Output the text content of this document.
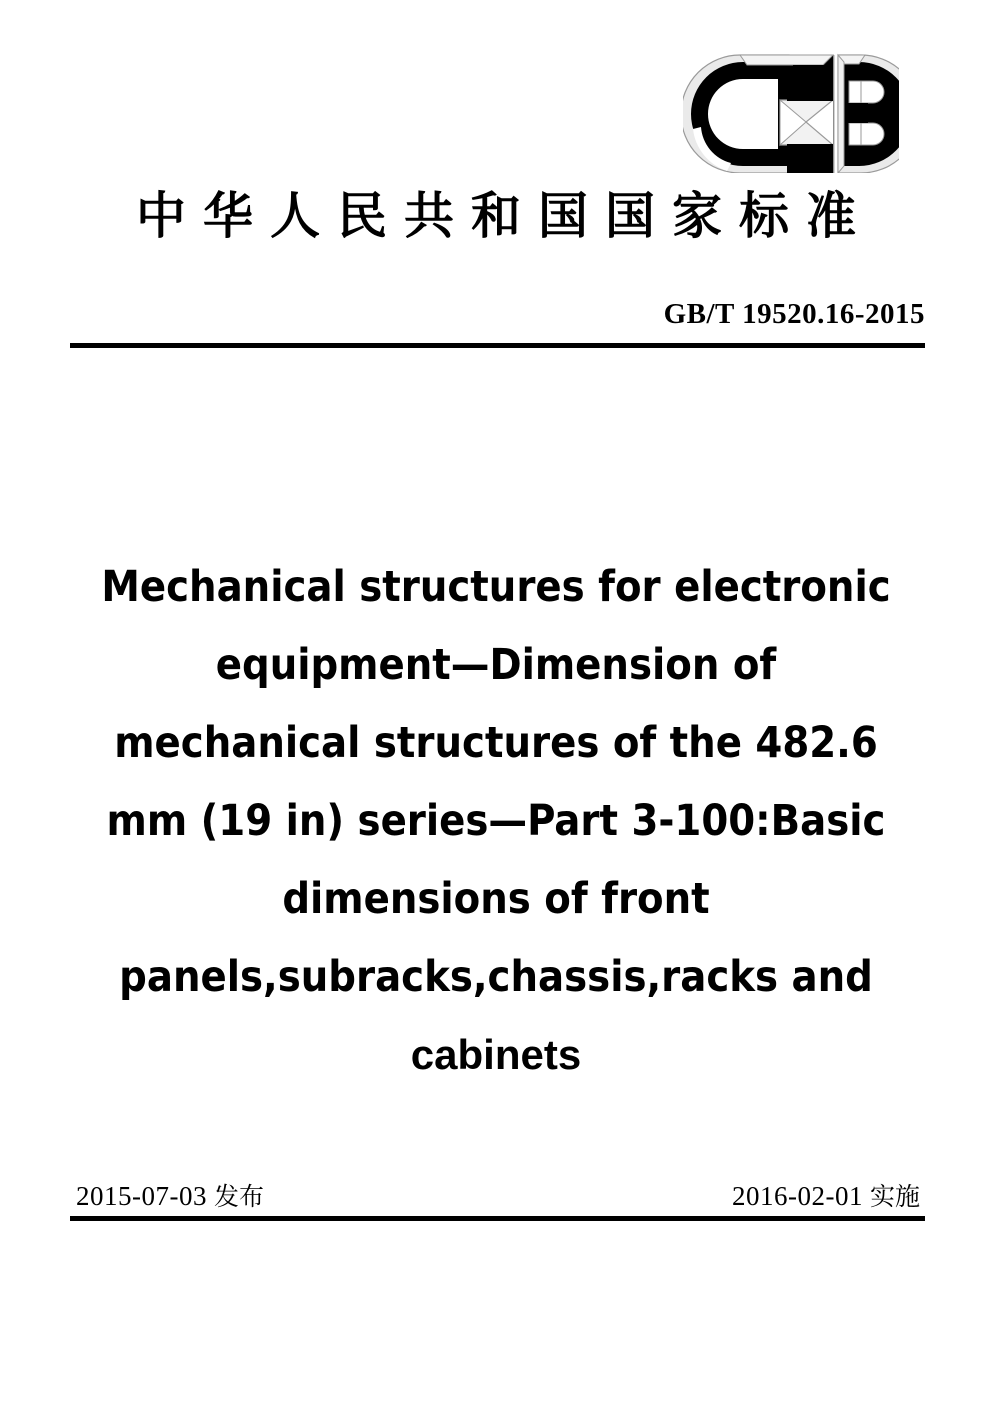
中华人民共和国国家标准
GB/T 19520.16-2015
Mechanical structures for electronic
equipment—Dimension of
mechanical structures of the 482.6
mm (19 in) series—Part 3-100:Basic
dimensions of front
panels,subracks,chassis,racks and
cabinets
2015-07-03 发布	2016-02-01 实施
